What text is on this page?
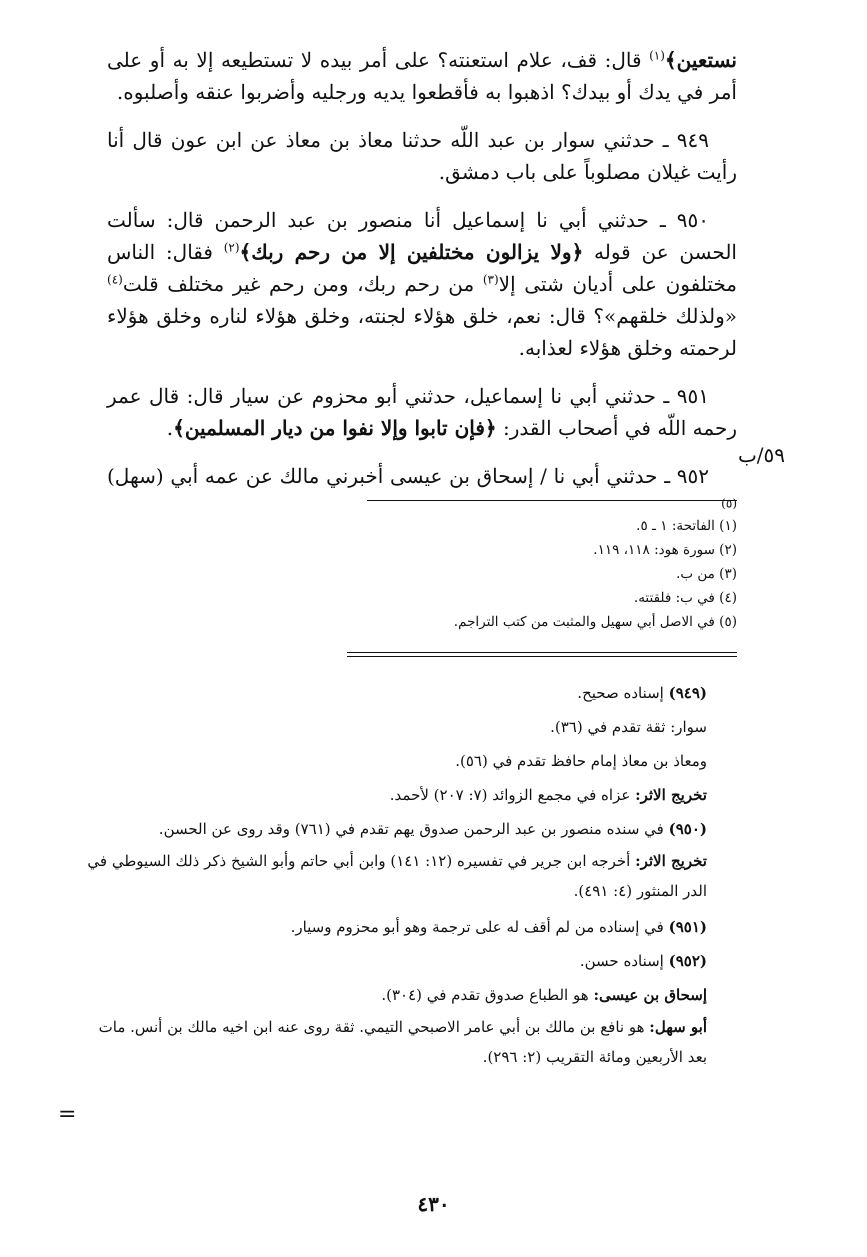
نستعين﴾$^{(١)}$ قال: قف، علام استعنته؟ على أمر بيده لا تستطيعه إلا به أو على أمر في يدك أو بيدك؟ اذهبوا به فأقطعوا يديه ورجليه وأضربوا عنقه وأصلبوه.

٩٤٩ ـ حدثني سوار بن عبد اللّه حدثنا معاذ بن معاذ عن ابن عون قال أنا رأيت غيلان مصلوباً على باب دمشق.

٩٥٠ ـ حدثني أبي نا إسماعيل أنا منصور بن عبد الرحمن قال: سألت الحسن عن قوله ﴿ولا يزالون مختلفين إلا من رحم ربك﴾$^{(٢)}$ فقال: الناس مختلفون على أديان شتى إلا$^{(٣)}$ من رحم ربك، ومن رحم غير مختلف قلت$^{(٤)}$ «ولذلك خلقهم»؟ قال: نعم، خلق هؤلاء لجنته، وخلق هؤلاء لناره وخلق هؤلاء لرحمته وخلق هؤلاء لعذابه.

٩٥١ ـ حدثني أبي نا إسماعيل، حدثني أبو محزوم عن سيار قال: قال عمر رحمه اللّه في أصحاب القدر: ﴿فإن تابوا وإلا نفوا من ديار المسلمين﴾.

٩٥٢ ـ حدثني أبي نا / إسحاق بن عيسى أخبرني مالك عن عمه أبي (سهل)$^{(٥)}$

٥٩/ب
(١) الفاتحة: ١ ـ ٥.
(٢) سورة هود: ١١٨، ١١٩.
(٣) من ب.
(٤) في ب: فلقتته.
(٥) في الاصل أبي سهيل والمثبت من كتب التراجم.

(٩٤٩) إسناده صحيح.

سوار: ثقة تقدم في (٣٦).

ومعاذ بن معاذ إمام حافظ تقدم في (٥٦).

تخريج الاثر: عزاه في مجمع الزوائد (٧: ٢٠٧) لأحمد.

(٩٥٠) في سنده منصور بن عبد الرحمن صدوق يهم تقدم في (٧٦١) وقد روى عن الحسن.

تخريج الاثر: أخرجه ابن جرير في تفسيره (١٢: ١٤١) وابن أبي حاتم وأبو الشيخ ذكر ذلك السيوطي في الدر المنثور (٤: ٤٩١).

(٩٥١) في إسناده من لم أقف له على ترجمة وهو أبو محزوم وسيار.

(٩٥٢) إسناده حسن.

إسحاق بن عيسى: هو الطباع صدوق تقدم في (٣٠٤).

أبو سهل: هو نافع بن مالك بن أبي عامر الاصبحي التيمي. ثقة روى عنه ابن اخيه مالك بن أنس. مات بعد الأربعين ومائة التقريب (٢: ٢٩٦).

=
٤٣٠
